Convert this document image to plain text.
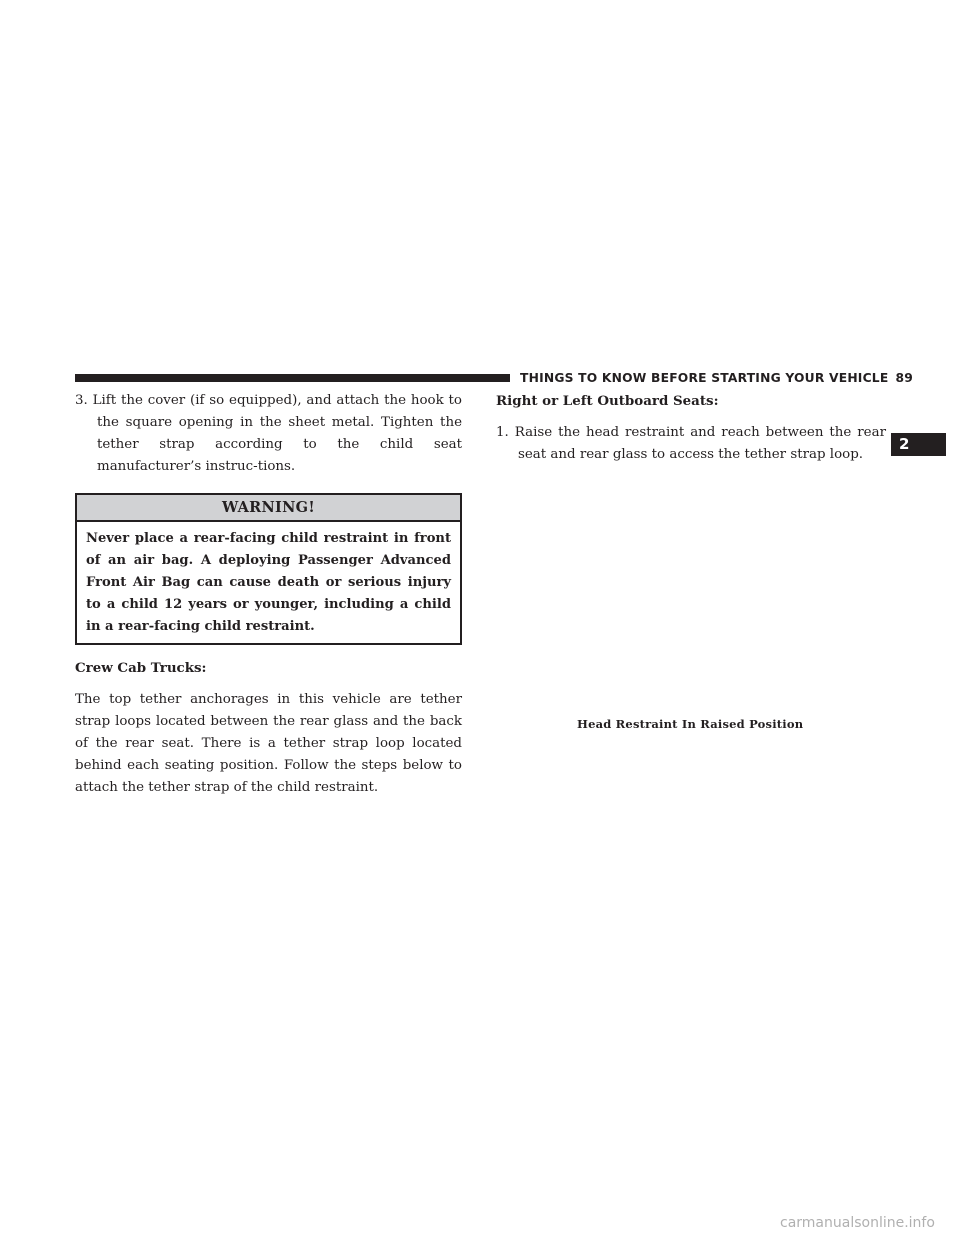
THINGS TO KNOW BEFORE STARTING YOUR VEHICLE 89
2

3. Lift the cover (if so equipped), and attach the hook to the square opening in the sheet metal. Tighten the tether strap according to the child seat manufacturer’s instruc-tions.

WARNING!
Never place a rear-facing child restraint in front of an air bag. A deploying Passenger Advanced Front Air Bag can cause death or serious injury to a child 12 years or younger, including a child in a rear-facing child restraint.

Crew Cab Trucks:

The top tether anchorages in this vehicle are tether strap loops located between the rear glass and the back of the rear seat. There is a tether strap loop located behind each seating position. Follow the steps below to attach the tether strap of the child restraint.

Right or Left Outboard Seats:

1. Raise the head restraint and reach between the rear seat and rear glass to access the tether strap loop.

Head Restraint In Raised Position
carmanualsonline.info
